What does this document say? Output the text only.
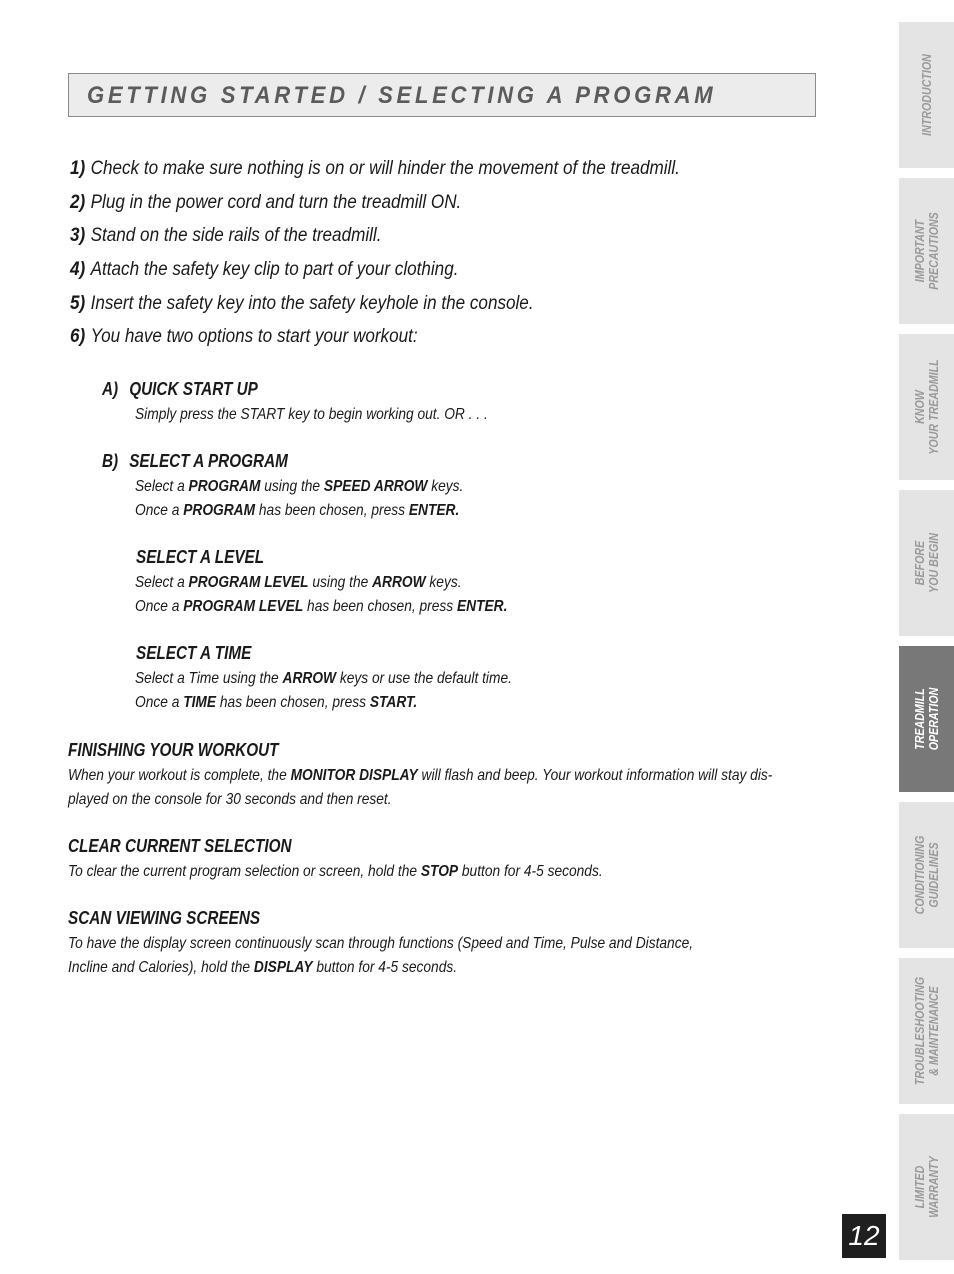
GETTING STARTED / SELECTING A PROGRAM
1) Check to make sure nothing is on or will hinder the movement of the treadmill.
2) Plug in the power cord and turn the treadmill ON.
3) Stand on the side rails of the treadmill.
4) Attach the safety key clip to part of your clothing.
5) Insert the safety key into the safety keyhole in the console.
6) You have two options to start your workout:
A) QUICK START UP
Simply press the START key to begin working out. OR . . .
B) SELECT A PROGRAM
Select a PROGRAM using the SPEED ARROW keys.
Once a PROGRAM has been chosen, press ENTER.
SELECT A LEVEL
Select a PROGRAM LEVEL using the ARROW keys.
Once a PROGRAM LEVEL has been chosen, press ENTER.
SELECT A TIME
Select a Time using the ARROW keys or use the default time.
Once a TIME has been chosen, press START.
FINISHING YOUR WORKOUT
When your workout is complete, the MONITOR DISPLAY will flash and beep. Your workout information will stay dis-
played on the console for 30 seconds and then reset.
CLEAR CURRENT SELECTION
To clear the current program selection or screen, hold the STOP button for 4-5 seconds.
SCAN VIEWING SCREENS
To have the display screen continuously scan through functions (Speed and Time, Pulse and Distance,
Incline and Calories), hold the DISPLAY button for 4-5 seconds.
INTRODUCTION
IMPORTANT
PRECAUTIONS
KNOW
YOUR TREADMILL
BEFORE
YOU BEGIN
TREADMILL
OPERATION
CONDITIONING
GUIDELINES
TROUBLESHOOTING
& MAINTENANCE
LIMITED
WARRANTY
12
